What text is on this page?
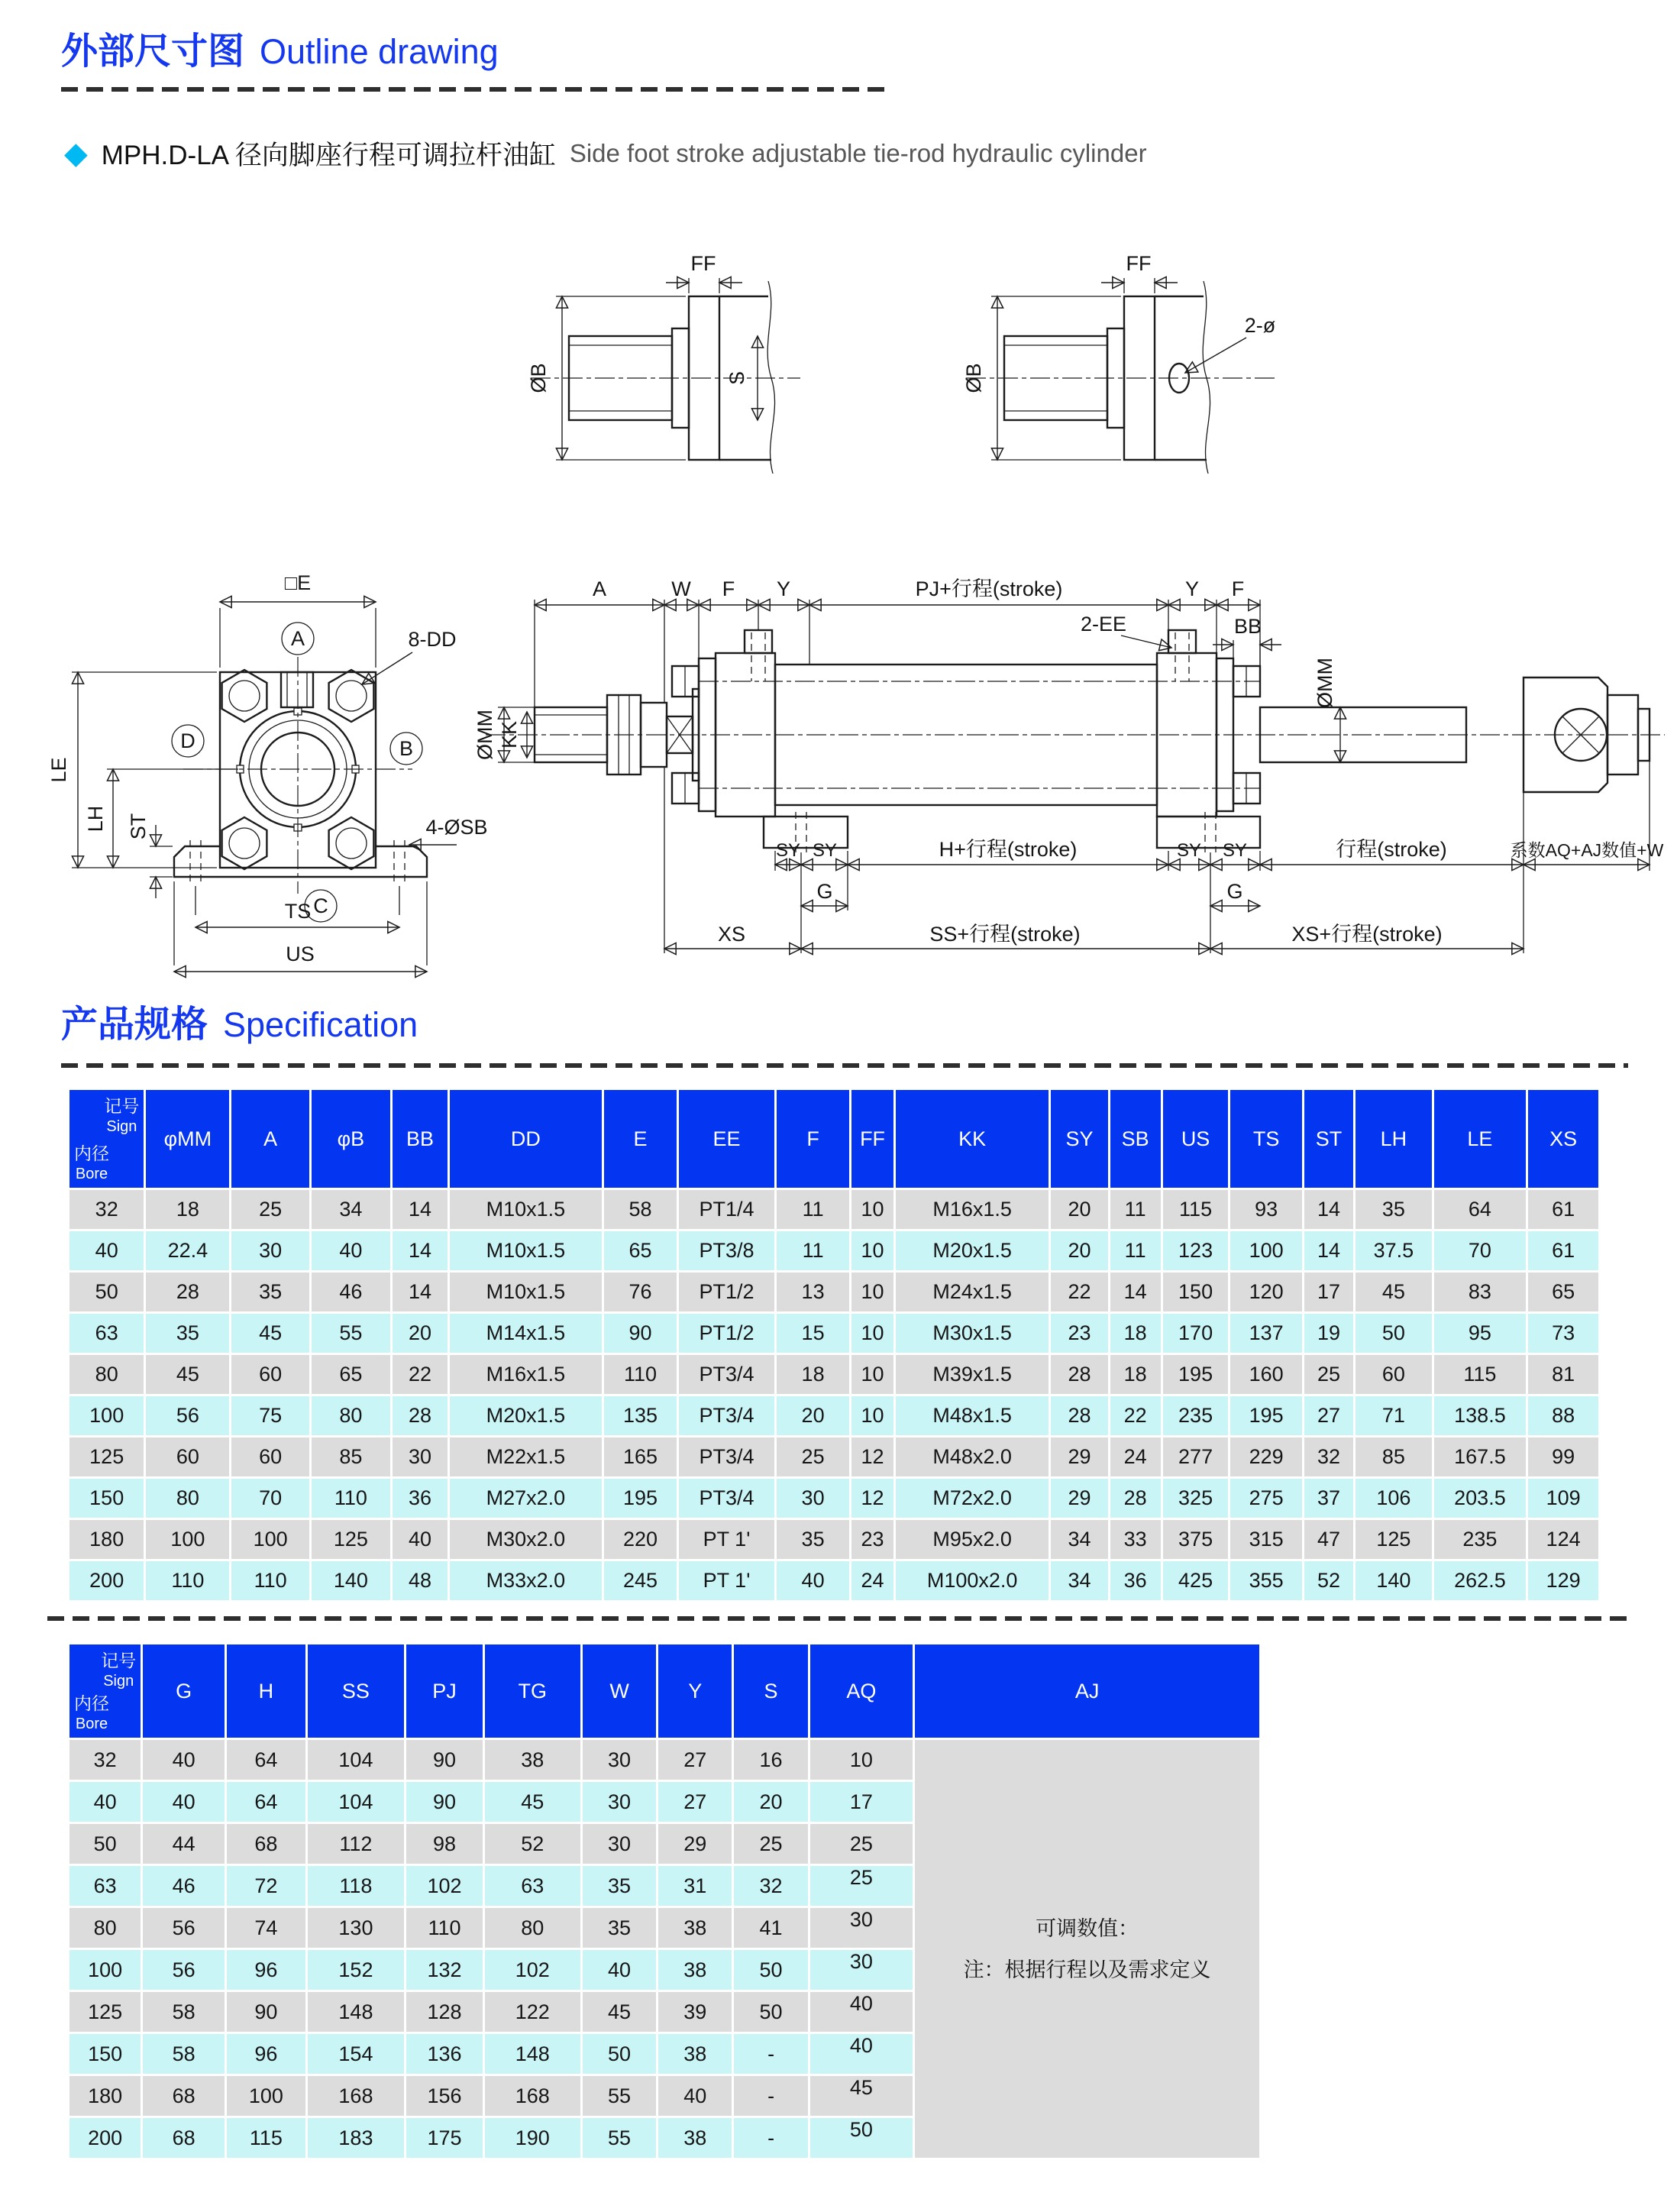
外部尺寸图 Outline drawing
◆ MPH.D-LA 径向脚座行程可调拉杆油缸 Side foot stroke adjustable tie-rod hydraulic cylinder
FF
ØB	S
FF
ØB
2-ø
□E
A	8-DD
D	B
C
LE
LH ST	4-ØSB
TS
US
ØMM KK
A	W F Y	PJ+行程(stroke)	Y F
2-EE	BB
ØMM
SY SY	H+行程(stroke)	SY SY	行程(stroke)	系数AQ+AJ数值+W
G	G
XS	SS+行程(stroke)	XS+行程(stroke)
产品规格 Specification
记号
Sign
内径
Bore	φMM	A	φB	BB	DD	E	EE	F	FF	KK	SY	SB	US	TS	ST	LH	LE	XS
32	18	25	34	14	M10x1.5	58	PT1/4	11	10	M16x1.5	20	11	115	93	14	35	64	61
40	22.4	30	40	14	M10x1.5	65	PT3/8	11	10	M20x1.5	20	11	123	100	14	37.5	70	61
50	28	35	46	14	M10x1.5	76	PT1/2	13	10	M24x1.5	22	14	150	120	17	45	83	65
63	35	45	55	20	M14x1.5	90	PT1/2	15	10	M30x1.5	23	18	170	137	19	50	95	73
80	45	60	65	22	M16x1.5	110	PT3/4	18	10	M39x1.5	28	18	195	160	25	60	115	81
100	56	75	80	28	M20x1.5	135	PT3/4	20	10	M48x1.5	28	22	235	195	27	71	138.5	88
125	60	60	85	30	M22x1.5	165	PT3/4	25	12	M48x2.0	29	24	277	229	32	85	167.5	99
150	80	70	110	36	M27x2.0	195	PT3/4	30	12	M72x2.0	29	28	325	275	37	106	203.5	109
180	100	100	125	40	M30x2.0	220	PT 1'	35	23	M95x2.0	34	33	375	315	47	125	235	124
200	110	110	140	48	M33x2.0	245	PT 1'	40	24	M100x2.0	34	36	425	355	52	140	262.5	129
记号
Sign
内径
Bore	G	H	SS	PJ	TG	W	Y	S	AQ	AJ
32	40	64	104	90	38	30	27	16	10	可调数值：
注：根据行程以及需求定义

40	40	64	104	90	45	30	27	20	17	
50	44	68	112	98	52	30	29	25	25	
63	46	72	118	102	63	35	31	32	25	
80	56	74	130	110	80	35	38	41	30	
100	56	96	152	132	102	40	38	50	30	
125	58	90	148	128	122	45	39	50	40	
150	58	96	154	136	148	50	38	-	40	
180	68	100	168	156	168	55	40	-	45	
200	68	115	183	175	190	55	38	-	50	
